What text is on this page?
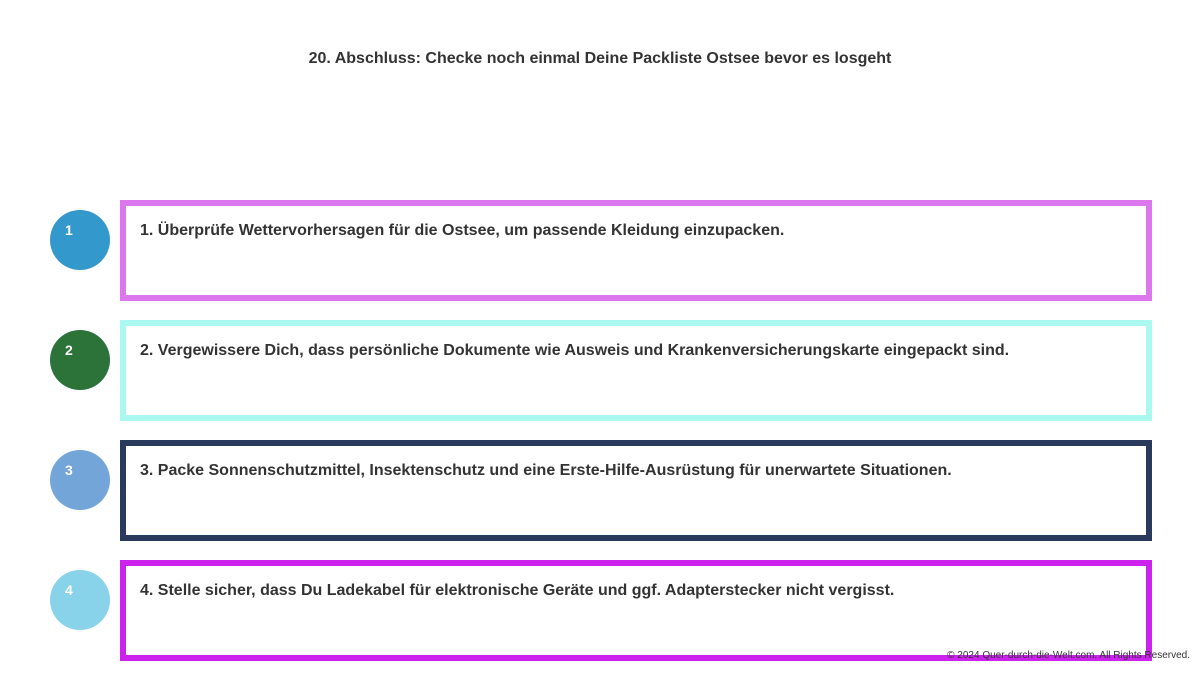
20. Abschluss: Checke noch einmal Deine Packliste Ostsee bevor es losgeht
1	1. Überprüfe Wettervorhersagen für die Ostsee, um passende Kleidung einzupacken.
2	2. Vergewissere Dich, dass persönliche Dokumente wie Ausweis und Krankenversicherungskarte eingepackt sind.
3	3. Packe Sonnenschutzmittel, Insektenschutz und eine Erste-Hilfe-Ausrüstung für unerwartete Situationen.
4	4. Stelle sicher, dass Du Ladekabel für elektronische Geräte und ggf. Adapterstecker nicht vergisst.
© 2024 Quer-durch-die-Welt.com. All Rights Reserved.
